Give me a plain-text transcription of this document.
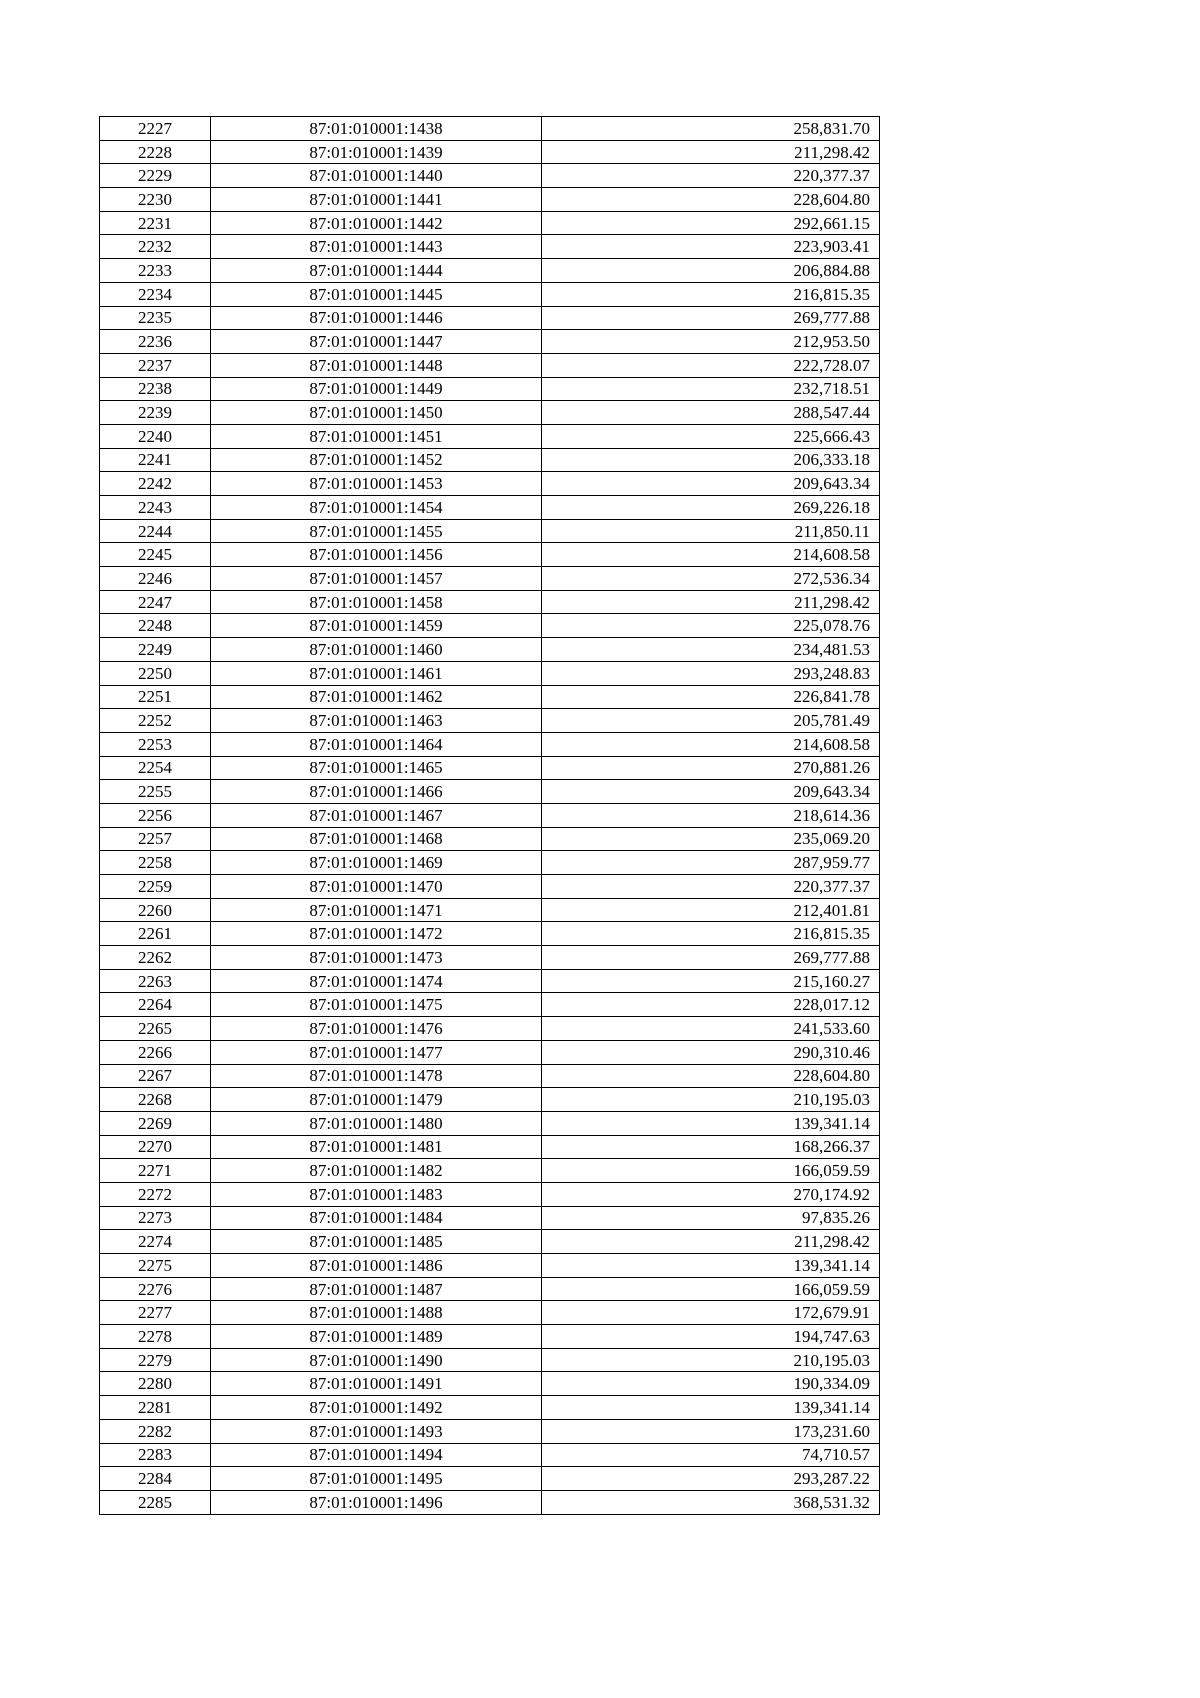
2227	87:01:010001:1438	258,831.70
2228	87:01:010001:1439	211,298.42
2229	87:01:010001:1440	220,377.37
2230	87:01:010001:1441	228,604.80
2231	87:01:010001:1442	292,661.15
2232	87:01:010001:1443	223,903.41
2233	87:01:010001:1444	206,884.88
2234	87:01:010001:1445	216,815.35
2235	87:01:010001:1446	269,777.88
2236	87:01:010001:1447	212,953.50
2237	87:01:010001:1448	222,728.07
2238	87:01:010001:1449	232,718.51
2239	87:01:010001:1450	288,547.44
2240	87:01:010001:1451	225,666.43
2241	87:01:010001:1452	206,333.18
2242	87:01:010001:1453	209,643.34
2243	87:01:010001:1454	269,226.18
2244	87:01:010001:1455	211,850.11
2245	87:01:010001:1456	214,608.58
2246	87:01:010001:1457	272,536.34
2247	87:01:010001:1458	211,298.42
2248	87:01:010001:1459	225,078.76
2249	87:01:010001:1460	234,481.53
2250	87:01:010001:1461	293,248.83
2251	87:01:010001:1462	226,841.78
2252	87:01:010001:1463	205,781.49
2253	87:01:010001:1464	214,608.58
2254	87:01:010001:1465	270,881.26
2255	87:01:010001:1466	209,643.34
2256	87:01:010001:1467	218,614.36
2257	87:01:010001:1468	235,069.20
2258	87:01:010001:1469	287,959.77
2259	87:01:010001:1470	220,377.37
2260	87:01:010001:1471	212,401.81
2261	87:01:010001:1472	216,815.35
2262	87:01:010001:1473	269,777.88
2263	87:01:010001:1474	215,160.27
2264	87:01:010001:1475	228,017.12
2265	87:01:010001:1476	241,533.60
2266	87:01:010001:1477	290,310.46
2267	87:01:010001:1478	228,604.80
2268	87:01:010001:1479	210,195.03
2269	87:01:010001:1480	139,341.14
2270	87:01:010001:1481	168,266.37
2271	87:01:010001:1482	166,059.59
2272	87:01:010001:1483	270,174.92
2273	87:01:010001:1484	97,835.26
2274	87:01:010001:1485	211,298.42
2275	87:01:010001:1486	139,341.14
2276	87:01:010001:1487	166,059.59
2277	87:01:010001:1488	172,679.91
2278	87:01:010001:1489	194,747.63
2279	87:01:010001:1490	210,195.03
2280	87:01:010001:1491	190,334.09
2281	87:01:010001:1492	139,341.14
2282	87:01:010001:1493	173,231.60
2283	87:01:010001:1494	74,710.57
2284	87:01:010001:1495	293,287.22
2285	87:01:010001:1496	368,531.32
